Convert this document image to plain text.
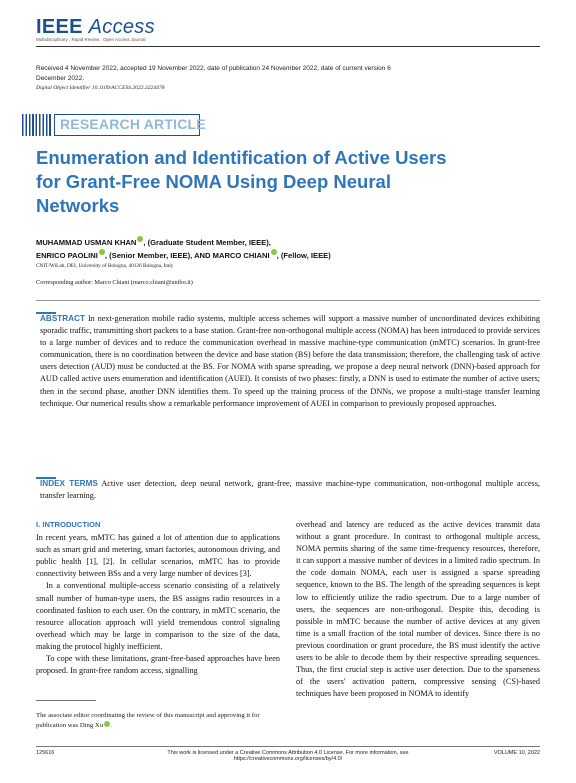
IEEE Access
Multidisciplinary : Rapid Review : Open Access Journal
Received 4 November 2022, accepted 19 November 2022, date of publication 24 November 2022, date of current version 6 December 2022.
Digital Object Identifier 10.1109/ACCESS.2022.3224478
RESEARCH ARTICLE
Enumeration and Identification of Active Users for Grant-Free NOMA Using Deep Neural Networks
MUHAMMAD USMAN KHAN , (Graduate Student Member, IEEE),
ENRICO PAOLINI , (Senior Member, IEEE), AND MARCO CHIANI , (Fellow, IEEE)
CNIT/WiLab, DEI, University of Bologna, 40126 Bologna, Italy
Corresponding author: Marco Chiani (marco.chiani@unibo.it)
ABSTRACT In next-generation mobile radio systems, multiple access schemes will support a massive number of uncoordinated devices exhibiting sporadic traffic, transmitting short packets to a base station. Grant-free non-orthogonal multiple access (NOMA) has been introduced to provide services to a large number of devices and to reduce the communication overhead in massive machine-type communication (mMTC) scenarios. In grant-free communication, there is no coordination between the device and base station (BS) before the data transmission; therefore, the challenging task of active users detection (AUD) must be conducted at the BS. For NOMA with sparse spreading, we propose a deep neural network (DNN)-based approach for AUD called active users enumeration and identification (AUEI). It consists of two phases: firstly, a DNN is used to estimate the number of active users; then in the second phase, another DNN identifies them. To speed up the training process of the DNNs, we propose a multi-stage transfer learning technique. Our numerical results show a remarkable performance improvement of AUEI in comparison to previously proposed approaches.
INDEX TERMS Active user detection, deep neural network, grant-free, massive machine-type communication, non-orthogonal multiple access, transfer learning.
I. INTRODUCTION

In recent years, mMTC has gained a lot of attention due to applications such as smart grid and metering, smart factories, autonomous driving, and public health [1], [2]. In cellular scenarios, mMTC has to provide connectivity between BSs and a very large number of devices [3].

In a conventional multiple-access scenario consisting of a relatively small number of human-type users, the BS assigns radio resources in a coordinated fashion to each user. On the contrary, in mMTC scenario, the resource allocation approach will yield tremendous control signaling overhead which may be large in comparison to the size of the data, making the protocol highly inefficient.

To cope with these limitations, grant-free-based approaches have been proposed. In grant-free random access, signalling

overhead and latency are reduced as the active devices transmit data without a grant procedure. In contrast to orthogonal multiple access, NOMA permits sharing of the same time-frequency resources, therefore, it can support a massive number of devices in a limited radio spectrum. In the code domain NOMA, each user is assigned a sparse spreading sequence, known to the BS. The length of the spreading sequences is kept low to efficiently utilize the radio spectrum. Due to a large number of users, the sequences are non-orthogonal. Despite this, decoding is possible in mMTC because the number of active devices at any given time is a small fraction of the total number of devices. Since there is no previous coordination or grant procedure, the BS must identify the active users to be able to decode them by their respective spreading sequences. Thus, the first crucial step is active user detection. Due to the sparseness of the users' activation pattern, compressive sensing (CS)-based techniques have been proposed in NOMA to identify

The associate editor coordinating the review of this manuscript and approving it for publication was Ding Xu .
125616	This work is licensed under a Creative Commons Attribution 4.0 License. For more information, see https://creativecommons.org/licenses/by/4.0/
VOLUME 10, 2022
